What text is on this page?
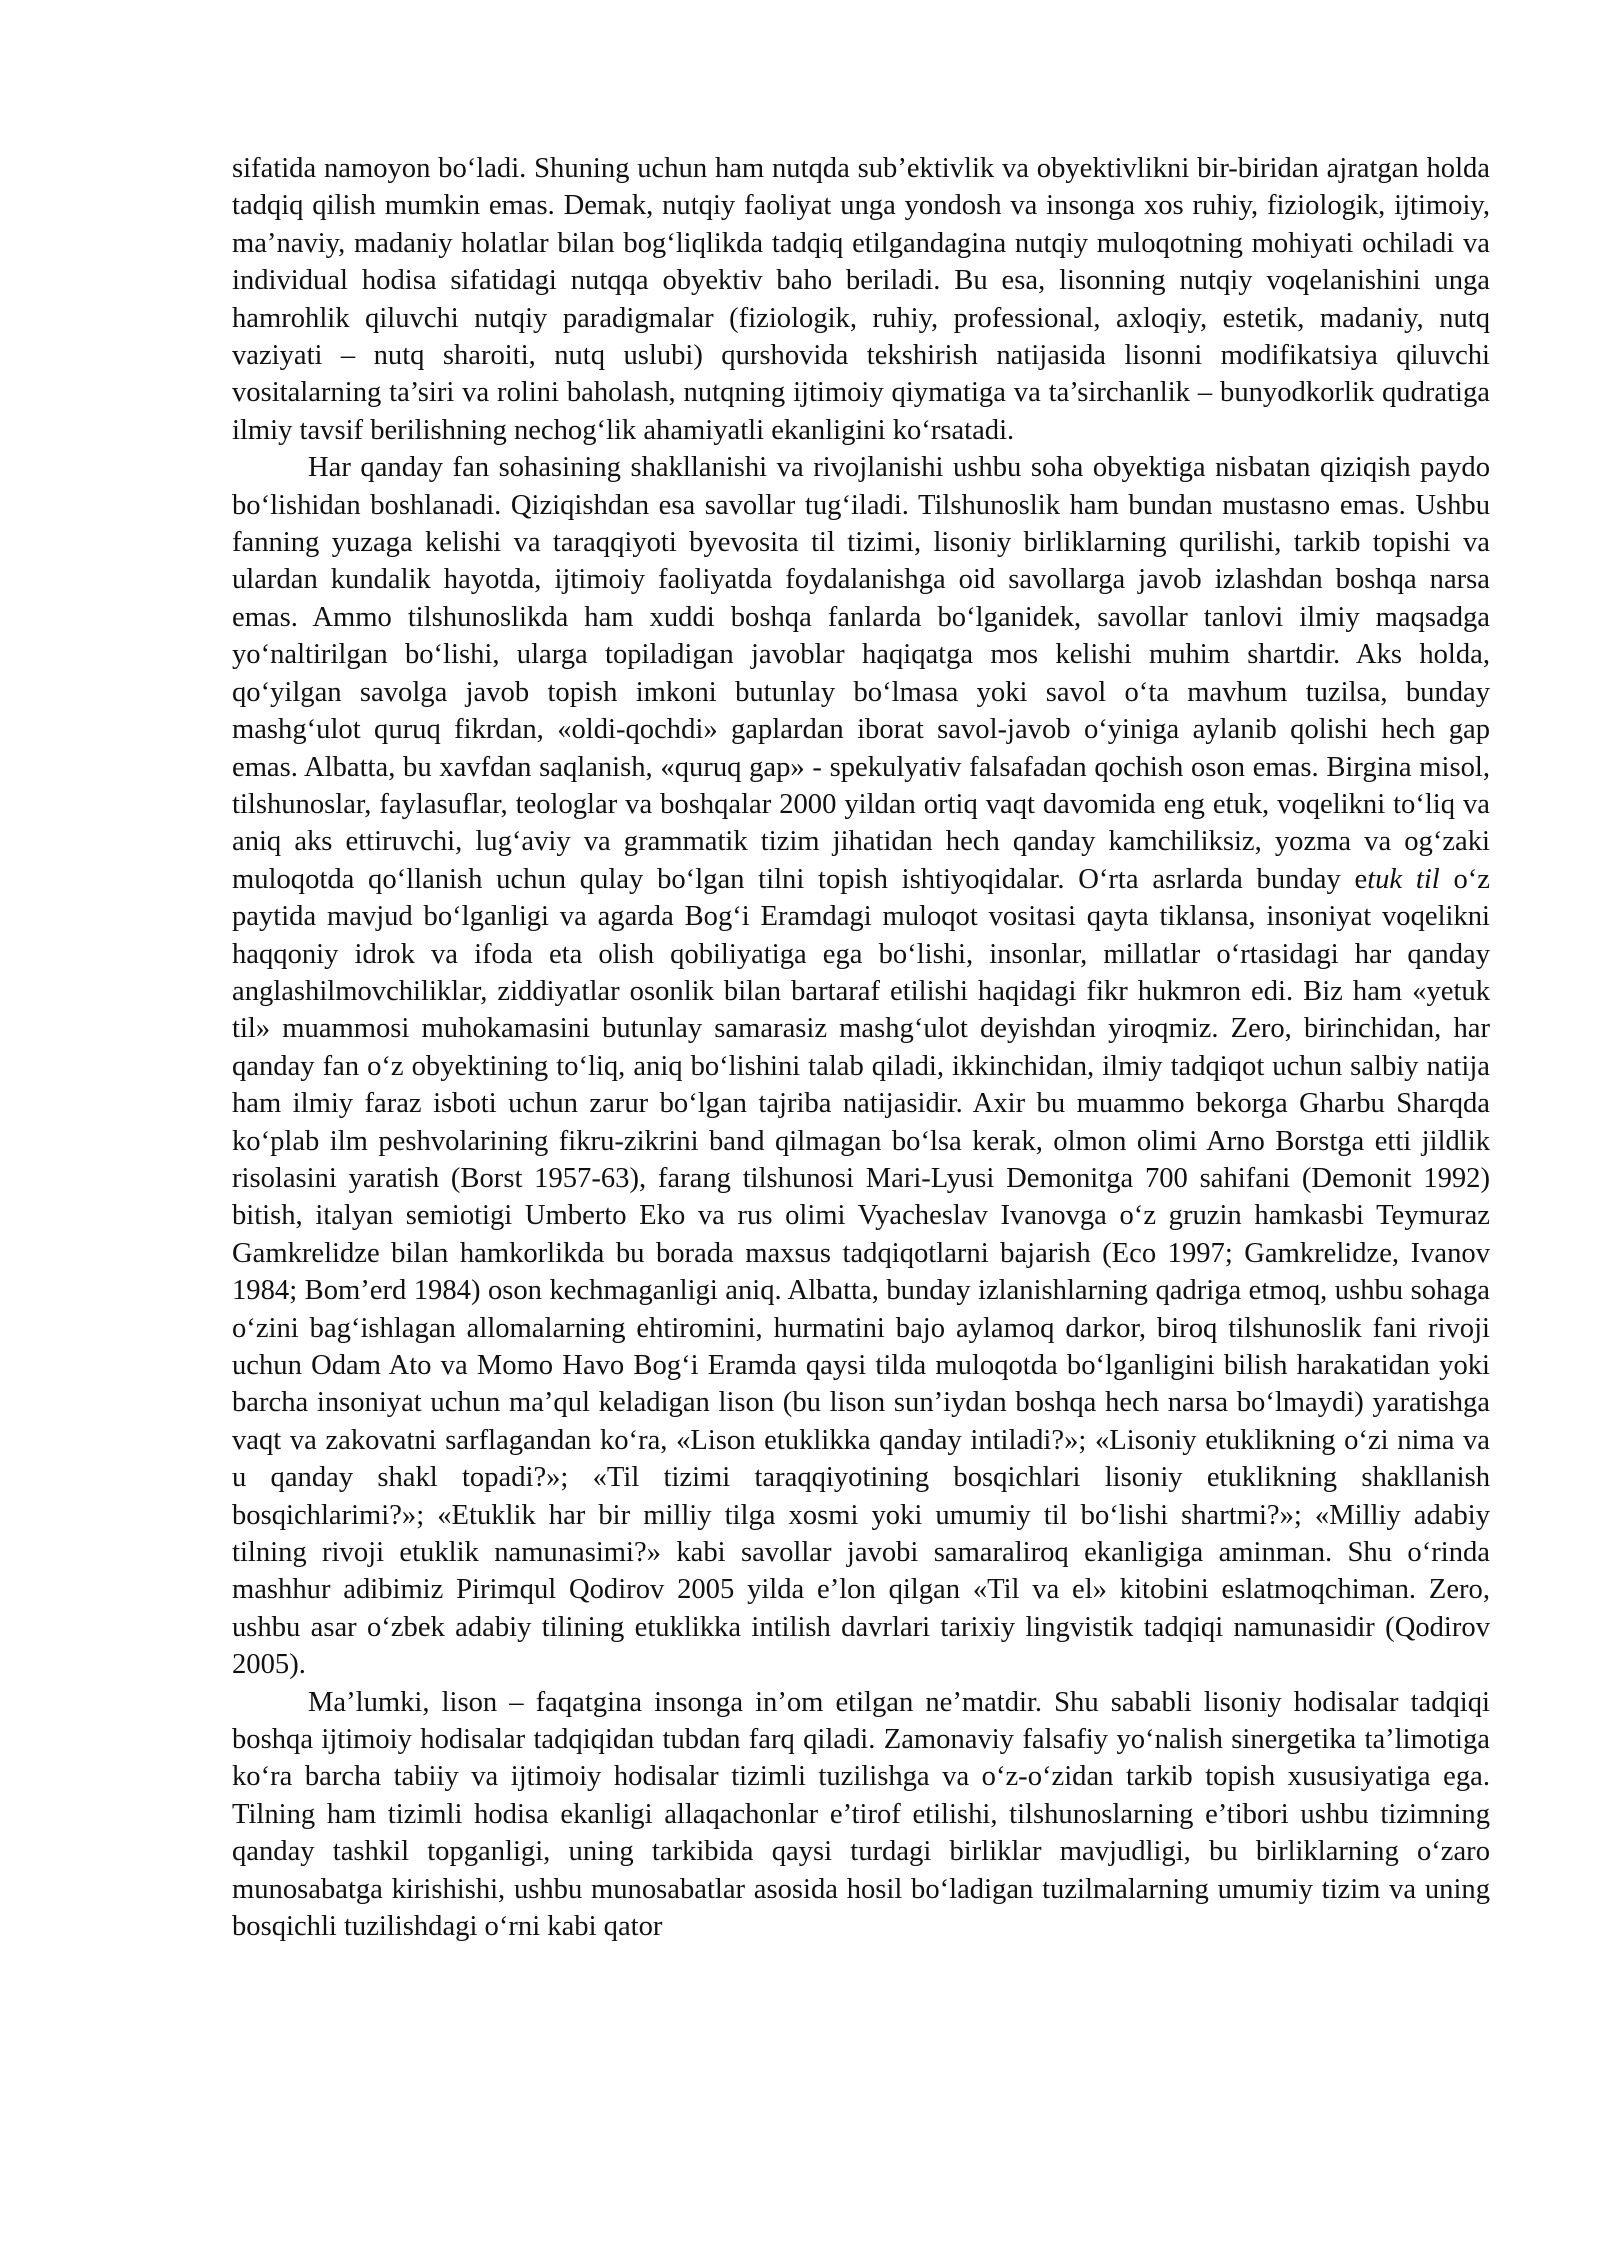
sifatida namoyon bo‘ladi. Shuning uchun ham nutqda sub’ektivlik va obyektivlikni bir-biridan ajratgan holda tadqiq qilish mumkin emas. Demak, nutqiy faoliyat unga yondosh va insonga xos ruhiy, fiziologik, ijtimoiy, ma’naviy, madaniy holatlar bilan bog‘liqlikda tadqiq etilgandagina nutqiy muloqotning mohiyati ochiladi va individual hodisa sifatidagi nutqqa obyektiv baho beriladi. Bu esa, lisonning nutqiy voqelanishini unga hamrohlik qiluvchi nutqiy paradigmalar (fiziologik, ruhiy, professional, axloqiy, estetik, madaniy, nutq vaziyati – nutq sharoiti, nutq uslubi) qurshovida tekshirish natijasida lisonni modifikatsiya qiluvchi vositalarning ta’siri va rolini baholash, nutqning ijtimoiy qiymatiga va ta’sirchanlik – bunyodkorlik qudratiga ilmiy tavsif berilishning nechog‘lik ahamiyatli ekanligini ko‘rsatadi.

Har qanday fan sohasining shakllanishi va rivojlanishi ushbu soha obyektiga nisbatan qiziqish paydo bo‘lishidan boshlanadi. Qiziqishdan esa savollar tug‘iladi. Tilshunoslik ham bundan mustasno emas. Ushbu fanning yuzaga kelishi va taraqqiyoti byevosita til tizimi, lisoniy birliklarning qurilishi, tarkib topishi va ulardan kundalik hayotda, ijtimoiy faoliyatda foydalanishga oid savollarga javob izlashdan boshqa narsa emas. Ammo tilshunoslikda ham xuddi boshqa fanlarda bo‘lganidek, savollar tanlovi ilmiy maqsadga yo‘naltirilgan bo‘lishi, ularga topiladigan javoblar haqiqatga mos kelishi muhim shartdir. Aks holda, qo‘yilgan savolga javob topish imkoni butunlay bo‘lmasa yoki savol o‘ta mavhum tuzilsa, bunday mashg‘ulot quruq fikrdan, «oldi-qochdi» gaplardan iborat savol-javob o‘yiniga aylanib qolishi hech gap emas. Albatta, bu xavfdan saqlanish, «quruq gap» - spekulyativ falsafadan qochish oson emas. Birgina misol, tilshunoslar, faylasuflar, teologlar va boshqalar 2000 yildan ortiq vaqt davomida eng etuk, voqelikni to‘liq va aniq aks ettiruvchi, lug‘aviy va grammatik tizim jihatidan hech qanday kamchiliksiz, yozma va og‘zaki muloqotda qo‘llanish uchun qulay bo‘lgan tilni topish ishtiyoqidalar. O‘rta asrlarda bunday etuk til o‘z paytida mavjud bo‘lganligi va agarda Bog‘i Eramdagi muloqot vositasi qayta tiklansa, insoniyat voqelikni haqqoniy idrok va ifoda eta olish qobiliyatiga ega bo‘lishi, insonlar, millatlar o‘rtasidagi har qanday anglashilmovchiliklar, ziddiyatlar osonlik bilan bartaraf etilishi haqidagi fikr hukmron edi. Biz ham «yetuk til» muammosi muhokamasini butunlay samarasiz mashg‘ulot deyishdan yiroqmiz. Zero, birinchidan, har qanday fan o‘z obyektining to‘liq, aniq bo‘lishini talab qiladi, ikkinchidan, ilmiy tadqiqot uchun salbiy natija ham ilmiy faraz isboti uchun zarur bo‘lgan tajriba natijasidir. Axir bu muammo bekorga Gharbu Sharqda ko‘plab ilm peshvolarining fikru-zikrini band qilmagan bo‘lsa kerak, olmon olimi Arno Borstga etti jildlik risolasini yaratish (Borst 1957-63), farang tilshunosi Mari-Lyusi Demonitga 700 sahifani (Demonit 1992) bitish, italyan semiotigi Umberto Eko va rus olimi Vyacheslav Ivanovga o‘z gruzin hamkasbi Teymuraz Gamkrelidze bilan hamkorlikda bu borada maxsus tadqiqotlarni bajarish (Eco 1997; Gamkrelidze, Ivanov 1984; Bom’erd 1984) oson kechmaganligi aniq. Albatta, bunday izlanishlarning qadriga etmoq, ushbu sohaga o‘zini bag‘ishlagan allomalarning ehtiromini, hurmatini bajo aylamoq darkor, biroq tilshunoslik fani rivoji uchun Odam Ato va Momo Havo Bog‘i Eramda qaysi tilda muloqotda bo‘lganligini bilish harakatidan yoki barcha insoniyat uchun ma’qul keladigan lison (bu lison sun’iydan boshqa hech narsa bo‘lmaydi) yaratishga vaqt va zakovatni sarflagandan ko‘ra, «Lison etuklikka qanday intiladi?»; «Lisoniy etuklikning o‘zi nima va u qanday shakl topadi?»; «Til tizimi taraqqiyotining bosqichlari lisoniy etuklikning shakllanish bosqichlarimi?»; «Etuklik har bir milliy tilga xosmi yoki umumiy til bo‘lishi shartmi?»; «Milliy adabiy tilning rivoji etuklik namunasimi?» kabi savollar javobi samaraliroq ekanligiga aminman. Shu o‘rinda mashhur adibimiz Pirimqul Qodirov 2005 yilda e’lon qilgan «Til va el» kitobini eslatmoqchiman. Zero, ushbu asar o‘zbek adabiy tilining etuklikka intilish davrlari tarixiy lingvistik tadqiqi namunasidir (Qodirov 2005).

Ma’lumki, lison – faqatgina insonga in’om etilgan ne’matdir. Shu sababli lisoniy hodisalar tadqiqi boshqa ijtimoiy hodisalar tadqiqidan tubdan farq qiladi. Zamonaviy falsafiy yo‘nalish sinergetika ta’limotiga ko‘ra barcha tabiiy va ijtimoiy hodisalar tizimli tuzilishga va o‘z-o‘zidan tarkib topish xususiyatiga ega. Tilning ham tizimli hodisa ekanligi allaqachonlar e’tirof etilishi, tilshunoslarning e’tibori ushbu tizimning qanday tashkil topganligi, uning tarkibida qaysi turdagi birliklar mavjudligi, bu birliklarning o‘zaro munosabatga kirishishi, ushbu munosabatlar asosida hosil bo‘ladigan tuzilmalarning umumiy tizim va uning bosqichli tuzilishdagi o‘rni kabi qator
